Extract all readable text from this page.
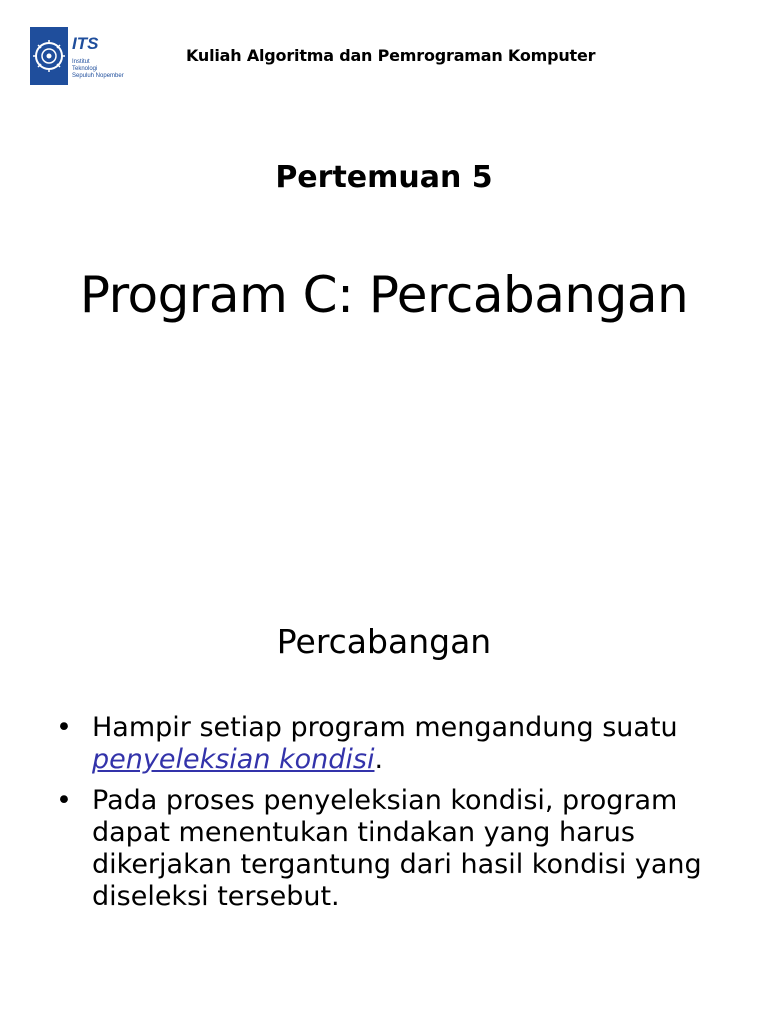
ITS
Institut
Teknologi
Sepuluh Nopember
Kuliah Algoritma dan Pemrograman Komputer
Pertemuan 5
Program C: Percabangan
Percabangan
• Hampir setiap program mengandung suatu penyeleksian kondisi.
• Pada proses penyeleksian kondisi, program dapat menentukan tindakan yang harus dikerjakan tergantung dari hasil kondisi yang diseleksi tersebut.
